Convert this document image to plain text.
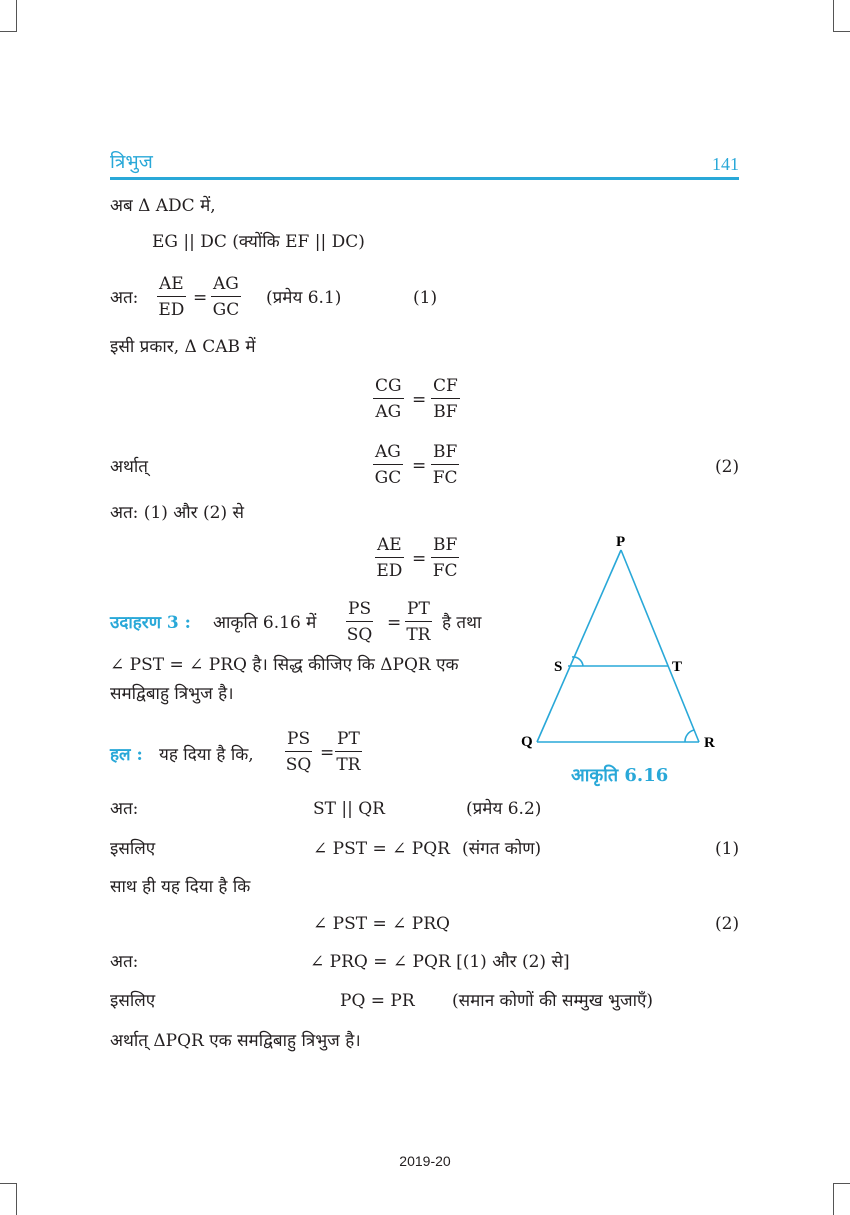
त्रिभुज	141
अब Δ ADC में,
EG || DC (क्योंकि EF || DC)
अत: $\frac{AE}{ED} = \frac{AG}{GC}$ (प्रमेय 6.1)	(1)
इसी प्रकार, Δ CAB में
$\frac{CG}{AG} = \frac{CF}{BF}$
अर्थात्	$\frac{AG}{GC} = \frac{BF}{FC}$	(2)
अत: (1) और (2) से
$\frac{AE}{ED} = \frac{BF}{FC}$
उदाहरण 3 : आकृति 6.16 में $\frac{PS}{SQ} = \frac{PT}{TR}$ है तथा
∠ PST = ∠ PRQ है। सिद्ध कीजिए कि ΔPQR एक
समद्विबाहु त्रिभुज है।
हल : यह दिया है कि, $\frac{PS}{SQ} = \frac{PT}{TR}$
P
S	T
Q	R
आकृति 6.16
अत:	ST || QR	(प्रमेय 6.2)
इसलिए	∠ PST = ∠ PQR (संगत कोण)	(1)
साथ ही यह दिया है कि
∠ PST = ∠ PRQ	(2)
अत:	∠ PRQ = ∠ PQR [(1) और (2) से]
इसलिए	PQ = PR (समान कोणों की सम्मुख भुजाएँ)
अर्थात् ΔPQR एक समद्विबाहु त्रिभुज है।
2019-20
